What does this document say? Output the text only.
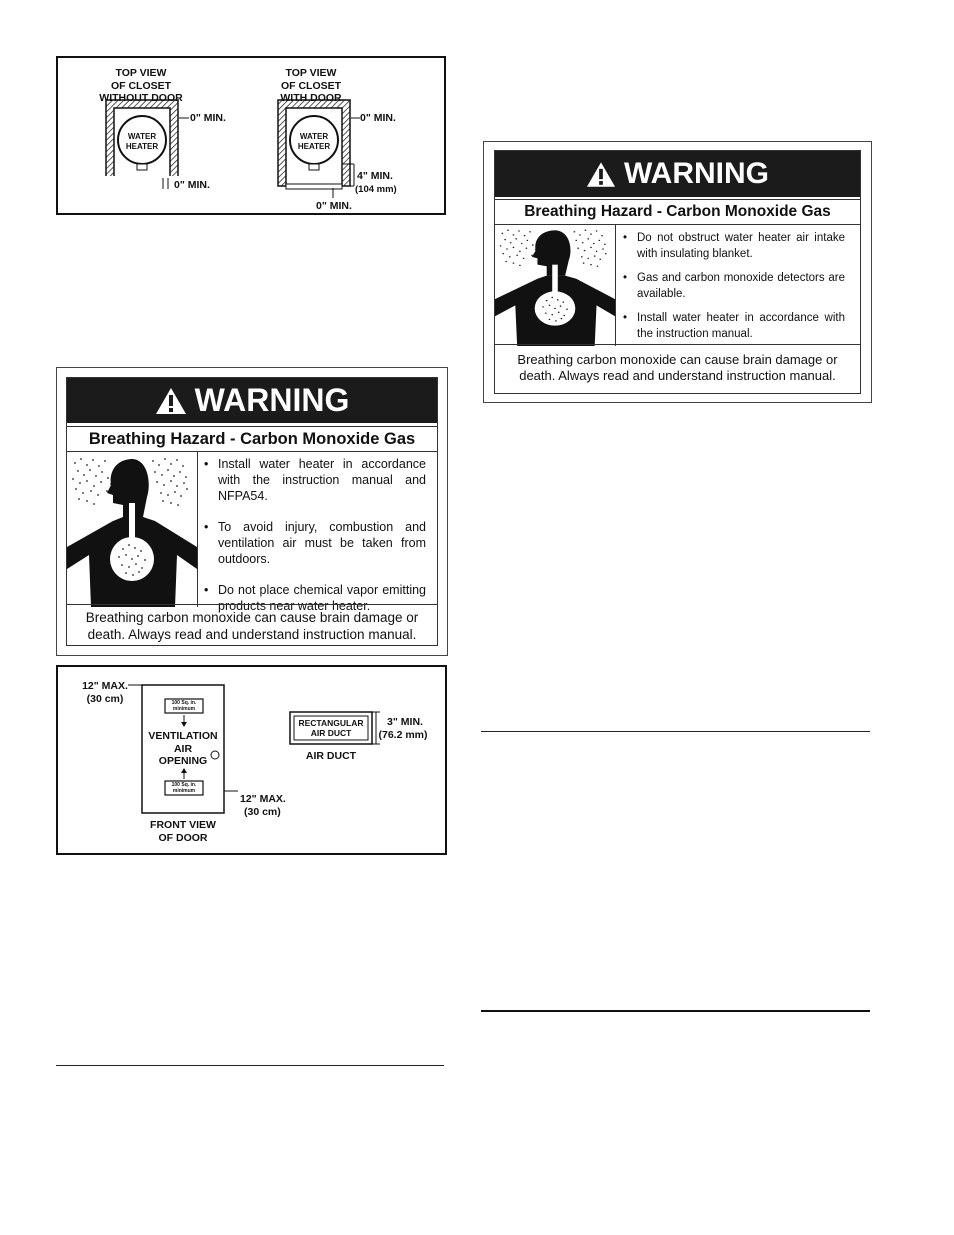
TOP VIEW
OF CLOSET
WITHOUT DOOR
TOP VIEW
OF CLOSET
WITH DOOR
WATER
HEATER
WATER
HEATER
0" MIN.
0" MIN.
0" MIN.
4" MIN.
(104 mm)
0" MIN.
WARNING
Breathing Hazard - Carbon Monoxide Gas
• Install water heater in accordance with the instruction manual and NFPA54.
• To avoid injury, combustion and ventilation air must be taken from outdoors.
• Do not place chemical vapor emitting products near water heater.
Breathing carbon monoxide can cause brain damage or death. Always read and understand instruction manual.
12" MAX.
(30 cm)	100 Sq. in.
minimum
VENTILATION
AIR
OPENING
100 Sq. in.
minimum
12" MAX.
(30 cm)
FRONT VIEW
OF DOOR
RECTANGULAR
AIR DUCT
3" MIN.
(76.2 mm)
AIR DUCT
WARNING
Breathing Hazard - Carbon Monoxide Gas
• Do not obstruct water heater air intake with insulating blanket.
• Gas and carbon monoxide detectors are available.
• Install water heater in accordance with the instruction manual.
Breathing carbon monoxide can cause brain damage or death. Always read and understand instruction manual.
